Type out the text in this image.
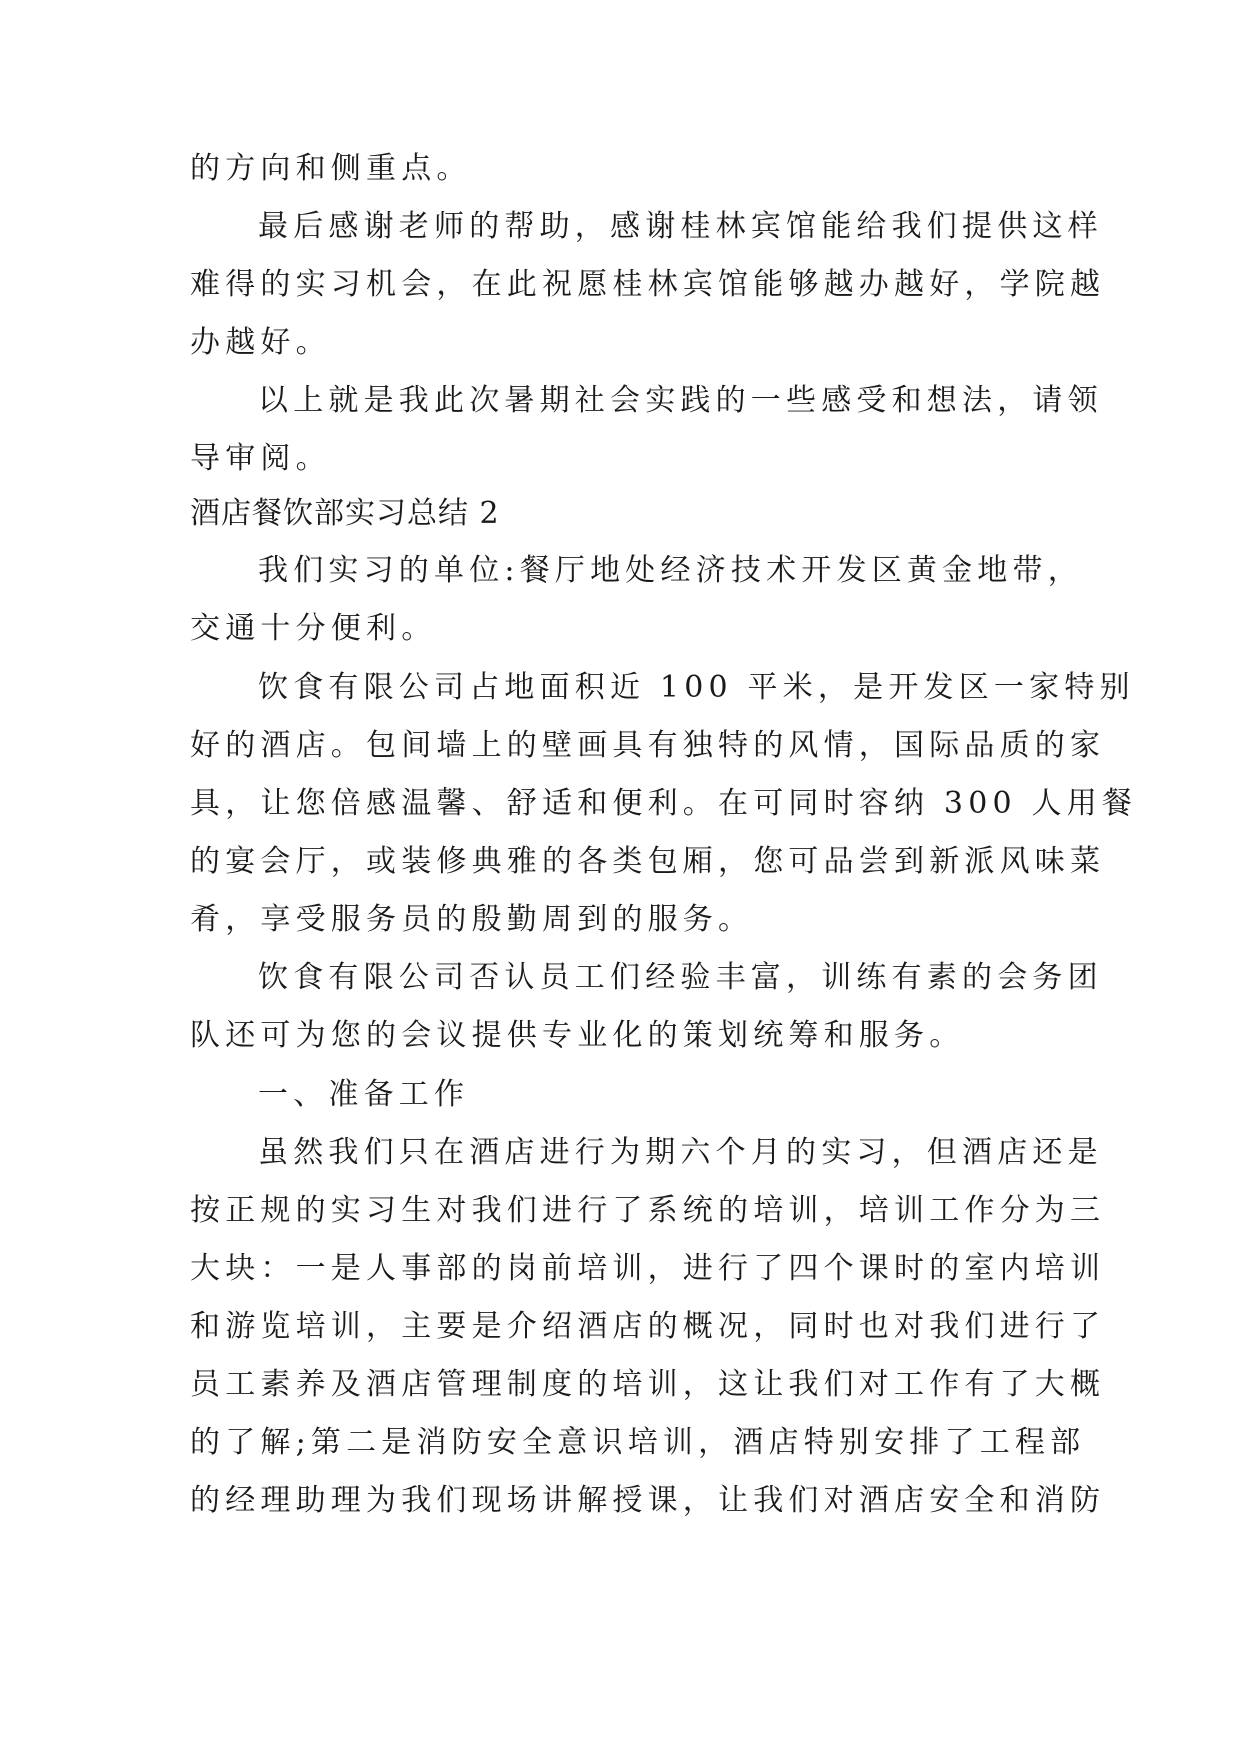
的方向和侧重点。
最后感谢老师的帮助，感谢桂林宾馆能给我们提供这样
难得的实习机会，在此祝愿桂林宾馆能够越办越好，学院越
办越好。
以上就是我此次暑期社会实践的一些感受和想法，请领
导审阅。
酒店餐饮部实习总结 2
我们实习的单位:餐厅地处经济技术开发区黄金地带，
交通十分便利。
饮食有限公司占地面积近 100 平米，是开发区一家特别
好的酒店。包间墙上的壁画具有独特的风情，国际品质的家
具，让您倍感温馨、舒适和便利。在可同时容纳 300 人用餐
的宴会厅，或装修典雅的各类包厢，您可品尝到新派风味菜
肴，享受服务员的殷勤周到的服务。
饮食有限公司否认员工们经验丰富，训练有素的会务团
队还可为您的会议提供专业化的策划统筹和服务。
一、准备工作
虽然我们只在酒店进行为期六个月的实习，但酒店还是
按正规的实习生对我们进行了系统的培训，培训工作分为三
大块：一是人事部的岗前培训，进行了四个课时的室内培训
和游览培训，主要是介绍酒店的概况，同时也对我们进行了
员工素养及酒店管理制度的培训，这让我们对工作有了大概
的了解;第二是消防安全意识培训，酒店特别安排了工程部
的经理助理为我们现场讲解授课，让我们对酒店安全和消防
